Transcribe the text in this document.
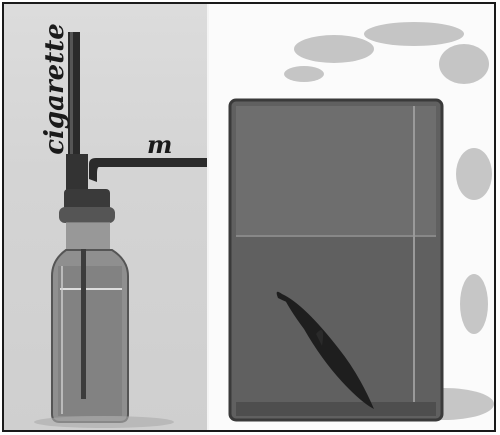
cigarette	m
